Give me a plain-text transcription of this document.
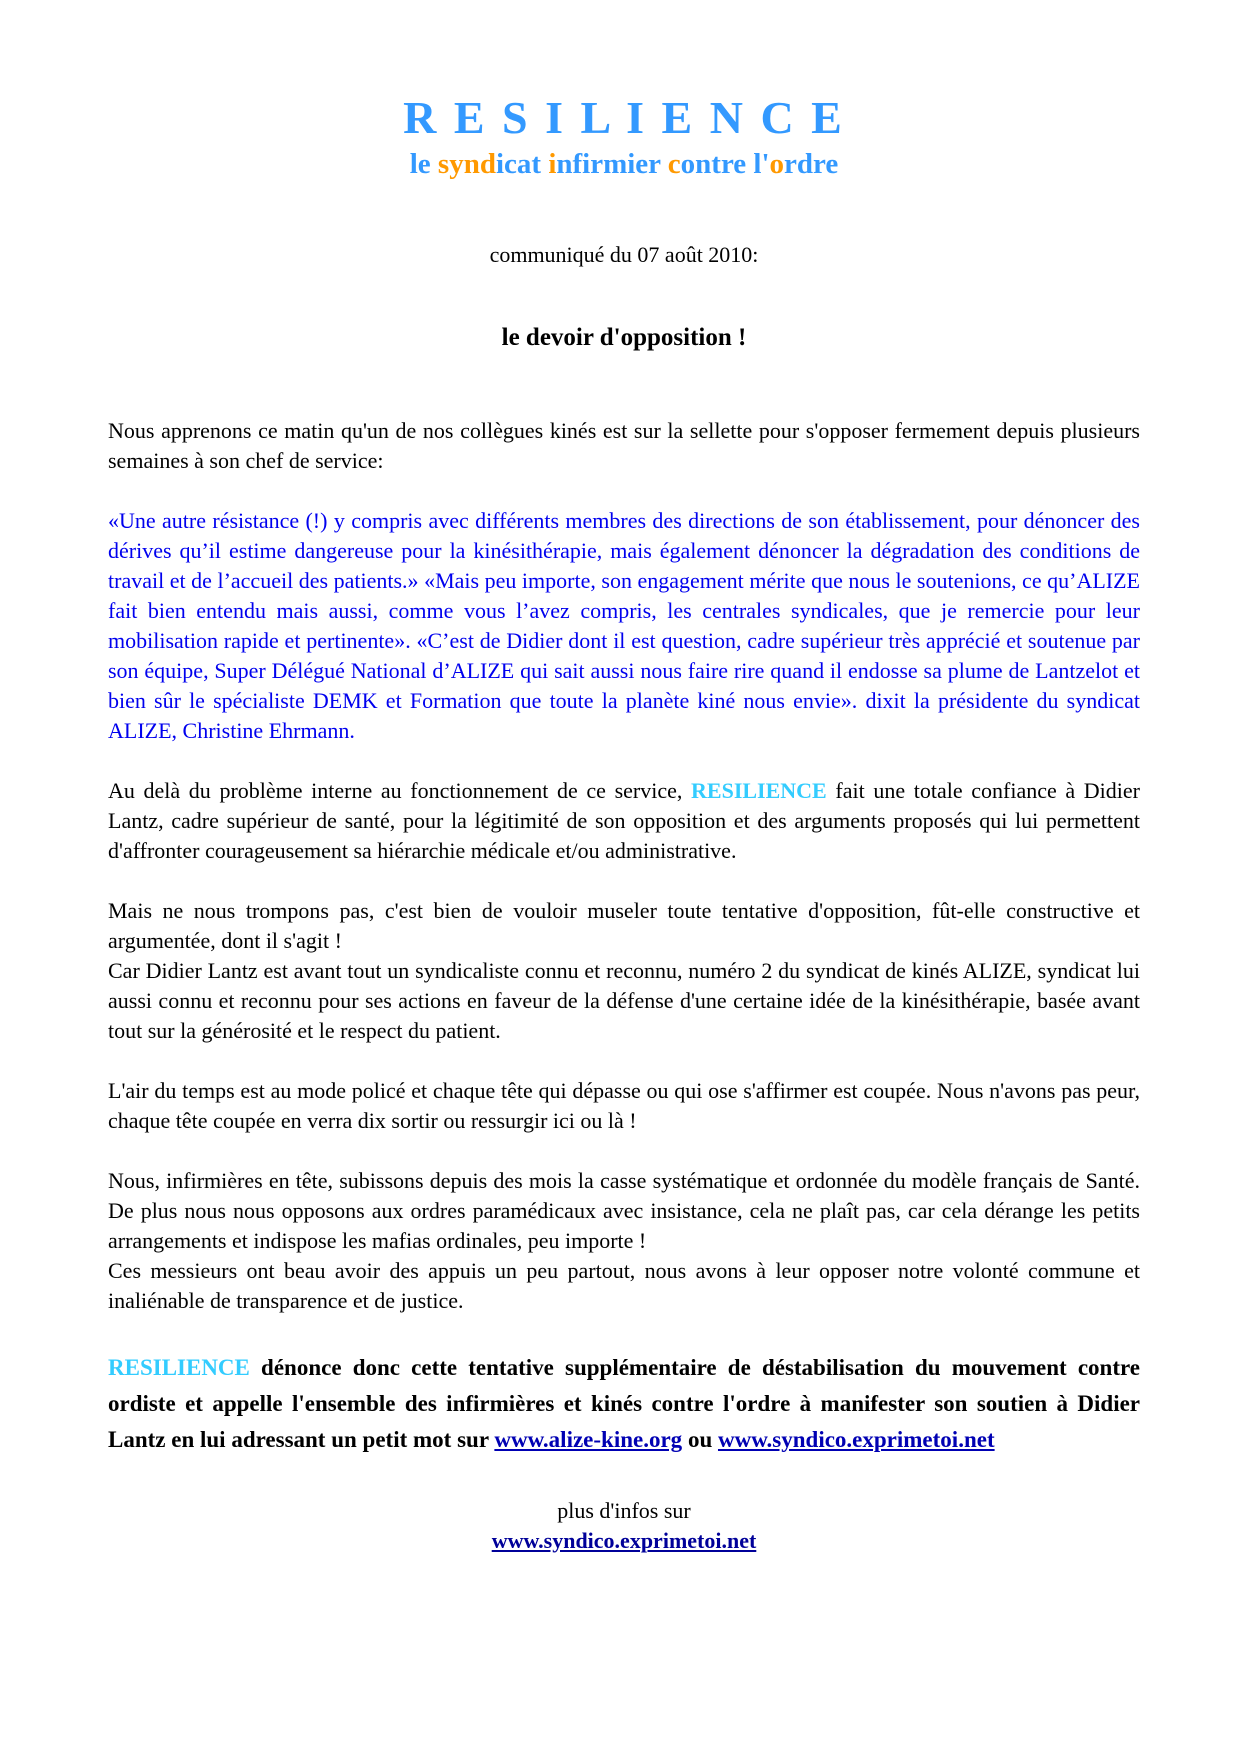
R E S I L I E N C E
le syndicat infirmier contre l'ordre

communiqué du 07 août 2010:

le devoir d'opposition !

Nous apprenons ce matin qu'un de nos collègues kinés est sur la sellette pour s'opposer fermement depuis plusieurs semaines à son chef de service:

«Une autre résistance (!) y compris avec différents membres des directions de son établissement, pour dénoncer des dérives qu’il estime dangereuse pour la kinésithérapie, mais également dénoncer la dégradation des conditions de travail et de l’accueil des patients.» «Mais peu importe, son engagement mérite que nous le soutenions, ce qu’ALIZE fait bien entendu mais aussi, comme vous l’avez compris, les centrales syndicales, que je remercie pour leur mobilisation rapide et pertinente». «C’est de Didier dont il est question, cadre supérieur très apprécié et soutenue par son équipe, Super Délégué National d’ALIZE qui sait aussi nous faire rire quand il endosse sa plume de Lantzelot et bien sûr le spécialiste DEMK et Formation que toute la planète kiné nous envie». dixit la présidente du syndicat ALIZE, Christine Ehrmann.

Au delà du problème interne au fonctionnement de ce service, RESILIENCE fait une totale confiance à Didier Lantz, cadre supérieur de santé, pour la légitimité de son opposition et des arguments proposés qui lui permettent d'affronter courageusement sa hiérarchie médicale et/ou administrative.

Mais ne nous trompons pas, c'est bien de vouloir museler toute tentative d'opposition, fût-elle constructive et argumentée, dont il s'agit !
Car Didier Lantz est avant tout un syndicaliste connu et reconnu, numéro 2 du syndicat de kinés ALIZE, syndicat lui aussi connu et reconnu pour ses actions en faveur de la défense d'une certaine idée de la kinésithérapie, basée avant tout sur la générosité et le respect du patient.

L'air du temps est au mode policé et chaque tête qui dépasse ou qui ose s'affirmer est coupée. Nous n'avons pas peur, chaque tête coupée en verra dix sortir ou ressurgir ici ou là !

Nous, infirmières en tête, subissons depuis des mois la casse systématique et ordonnée du modèle français de Santé. De plus nous nous opposons aux ordres paramédicaux avec insistance, cela ne plaît pas, car cela dérange les petits arrangements et indispose les mafias ordinales, peu importe !
Ces messieurs ont beau avoir des appuis un peu partout, nous avons à leur opposer notre volonté commune et inaliénable de transparence et de justice.

RESILIENCE dénonce donc cette tentative supplémentaire de déstabilisation du mouvement contre ordiste et appelle l'ensemble des infirmières et kinés contre l'ordre à manifester son soutien à Didier Lantz en lui adressant un petit mot sur www.alize-kine.org ou www.syndico.exprimetoi.net

plus d'infos sur

www.syndico.exprimetoi.net
